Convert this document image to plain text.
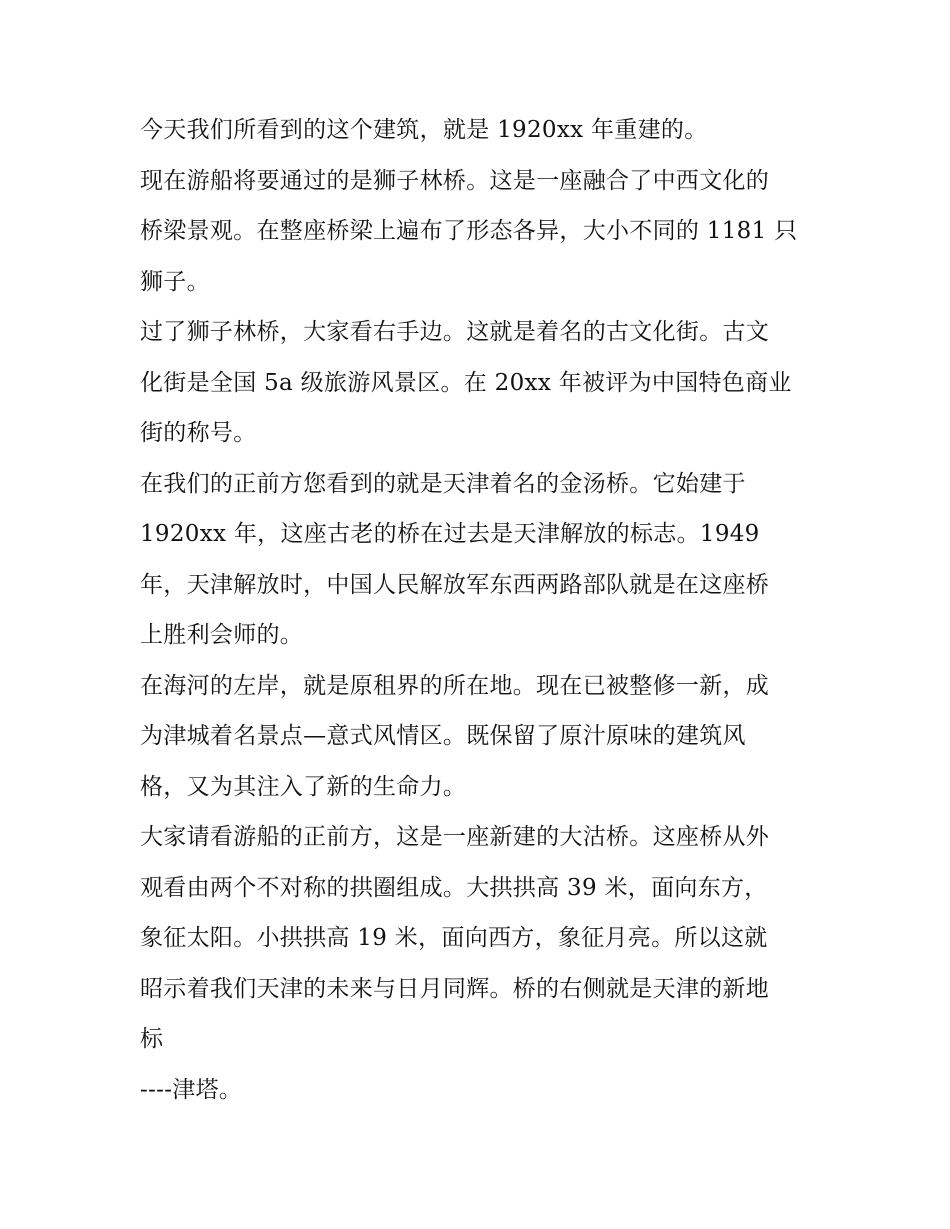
今天我们所看到的这个建筑，就是 1920xx 年重建的。
现在游船将要通过的是狮子林桥。这是一座融合了中西文化的
桥梁景观。在整座桥梁上遍布了形态各异，大小不同的 1181 只
狮子。
过了狮子林桥，大家看右手边。这就是着名的古文化街。古文
化街是全国 5a 级旅游风景区。在 20xx 年被评为中国特色商业
街的称号。
在我们的正前方您看到的就是天津着名的金汤桥。它始建于
1920xx 年，这座古老的桥在过去是天津解放的标志。1949
年，天津解放时，中国人民解放军东西两路部队就是在这座桥
上胜利会师的。
在海河的左岸，就是原租界的所在地。现在已被整修一新，成
为津城着名景点—意式风情区。既保留了原汁原味的建筑风
格，又为其注入了新的生命力。
大家请看游船的正前方，这是一座新建的大沽桥。这座桥从外
观看由两个不对称的拱圈组成。大拱拱高 39 米，面向东方，
象征太阳。小拱拱高 19 米，面向西方，象征月亮。所以这就
昭示着我们天津的未来与日月同辉。桥的右侧就是天津的新地
标
----津塔。
